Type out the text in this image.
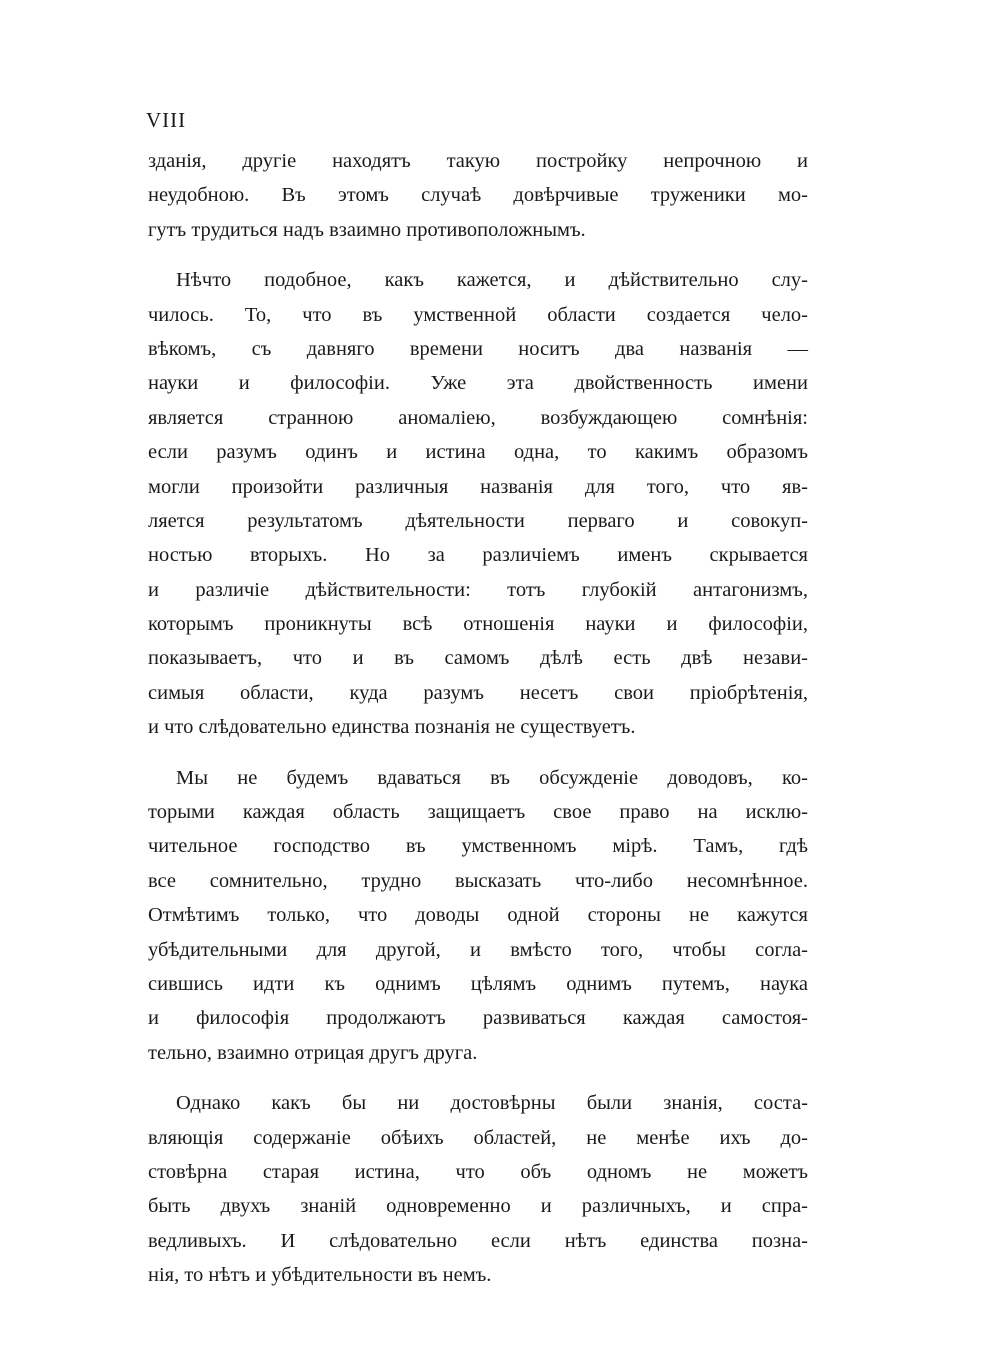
VIII
зданія, другіе находятъ такую постройку непрочною и
неудобною. Въ этомъ случаѣ довѣрчивые труженики мо-
гутъ трудиться надъ взаимно противоположнымъ.
Нѣчто подобное, какъ кажется, и дѣйствительно слу-
чилось. То, что въ умственной области создается чело-
вѣкомъ, съ давняго времени носитъ два названія —
науки и философіи. Уже эта двойственность имени
является странною аномаліею, возбуждающею сомнѣнія:
если разумъ одинъ и истина одна, то какимъ образомъ
могли произойти различныя названія для того, что яв-
ляется результатомъ дѣятельности перваго и совокуп-
ностью вторыхъ. Но за различіемъ именъ скрывается
и различіе дѣйствительности: тотъ глубокій антагонизмъ,
которымъ проникнуты всѣ отношенія науки и философіи,
показываетъ, что и въ самомъ дѣлѣ есть двѣ незави-
симыя области, куда разумъ несетъ свои пріобрѣтенія,
и что слѣдовательно единства познанія не существуетъ.
Мы не будемъ вдаваться въ обсужденіе доводовъ, ко-
торыми каждая область защищаетъ свое право на исклю-
чительное господство въ умственномъ мірѣ. Тамъ, гдѣ
все сомнительно, трудно высказать что-либо несомнѣнное.
Отмѣтимъ только, что доводы одной стороны не кажутся
убѣдительными для другой, и вмѣсто того, чтобы согла-
сившись идти къ однимъ цѣлямъ однимъ путемъ, наука
и философія продолжаютъ развиваться каждая самостоя-
тельно, взаимно отрицая другъ друга.
Однако какъ бы ни достовѣрны были знанія, соста-
вляющія содержаніе обѣихъ областей, не менѣе ихъ до-
стовѣрна старая истина, что объ одномъ не можетъ
быть двухъ знаній одновременно и различныхъ, и спра-
ведливыхъ. И слѣдовательно если нѣтъ единства позна-
нія, то нѣтъ и убѣдительности въ немъ.
